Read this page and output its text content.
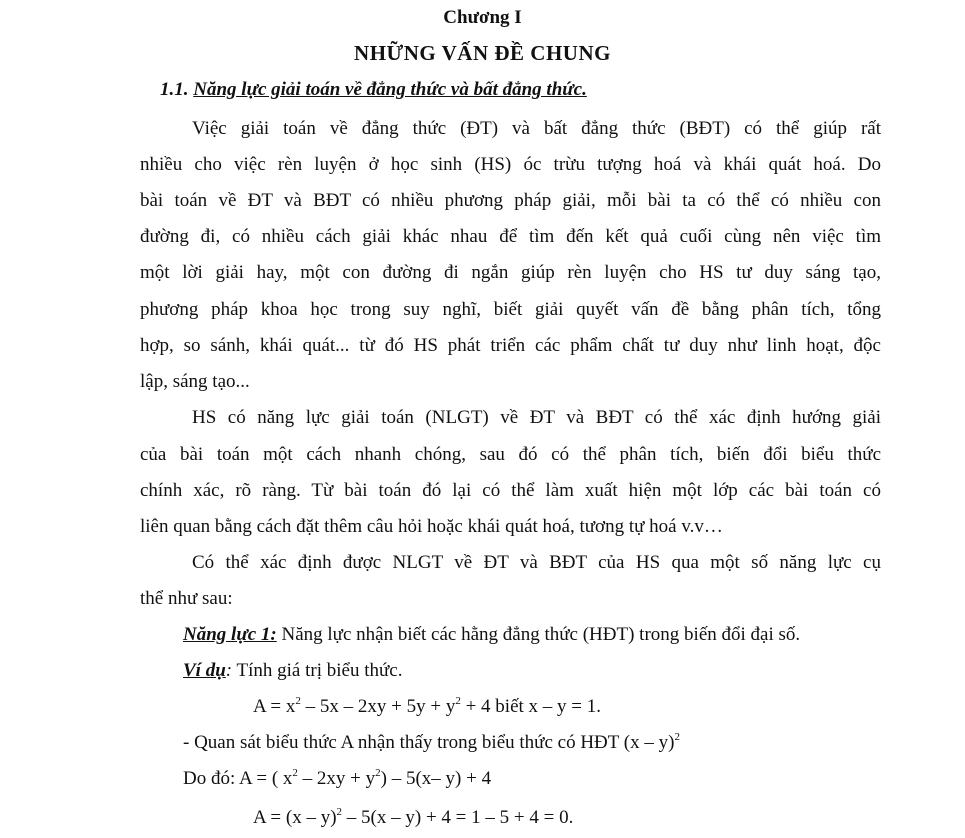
Chương I
NHỮNG VẤN ĐỀ CHUNG
1.1. Năng lực giải toán về đẳng thức và bất đẳng thức.
Việc giải toán về đẳng thức (ĐT) và bất đẳng thức (BĐT) có thể giúp rất
nhiều cho việc rèn luyện ở học sinh (HS) óc trừu tượng hoá và khái quát hoá. Do
bài toán về ĐT và BĐT có nhiều phương pháp giải, mỗi bài ta có thể có nhiều con
đường đi, có nhiều cách giải khác nhau để tìm đến kết quả cuối cùng nên việc tìm
một lời giải hay, một con đường đi ngắn giúp rèn luyện cho HS tư duy sáng tạo,
phương pháp khoa học trong suy nghĩ, biết giải quyết vấn đề bằng phân tích, tổng
hợp, so sánh, khái quát... từ đó HS phát triển các phẩm chất tư duy như linh hoạt, độc
lập, sáng tạo...
HS có năng lực giải toán (NLGT) về ĐT và BĐT có thể xác định hướng giải
của bài toán một cách nhanh chóng, sau đó có thể phân tích, biến đổi biểu thức
chính xác, rõ ràng. Từ bài toán đó lại có thể làm xuất hiện một lớp các bài toán có
liên quan bằng cách đặt thêm câu hỏi hoặc khái quát hoá, tương tự hoá v.v…
Có thể xác định được NLGT về ĐT và BĐT của HS qua một số năng lực cụ
thể như sau:
Năng lực 1: Năng lực nhận biết các hằng đẳng thức (HĐT) trong biến đổi đại số.
Ví dụ: Tính giá trị biểu thức.
$A = x^2 - 5x - 2xy + 5y + y^2 + 4$ biết x – y = 1.
- Quan sát biểu thức A nhận thấy trong biểu thức có HĐT (x – y)$^2$
Do đó: A = ( $x^2 - 2xy + y^2) - 5(x-$ y) + 4
A = (x – y)$^2$ – 5(x – y) + 4 = 1 – 5 + 4 = 0.
